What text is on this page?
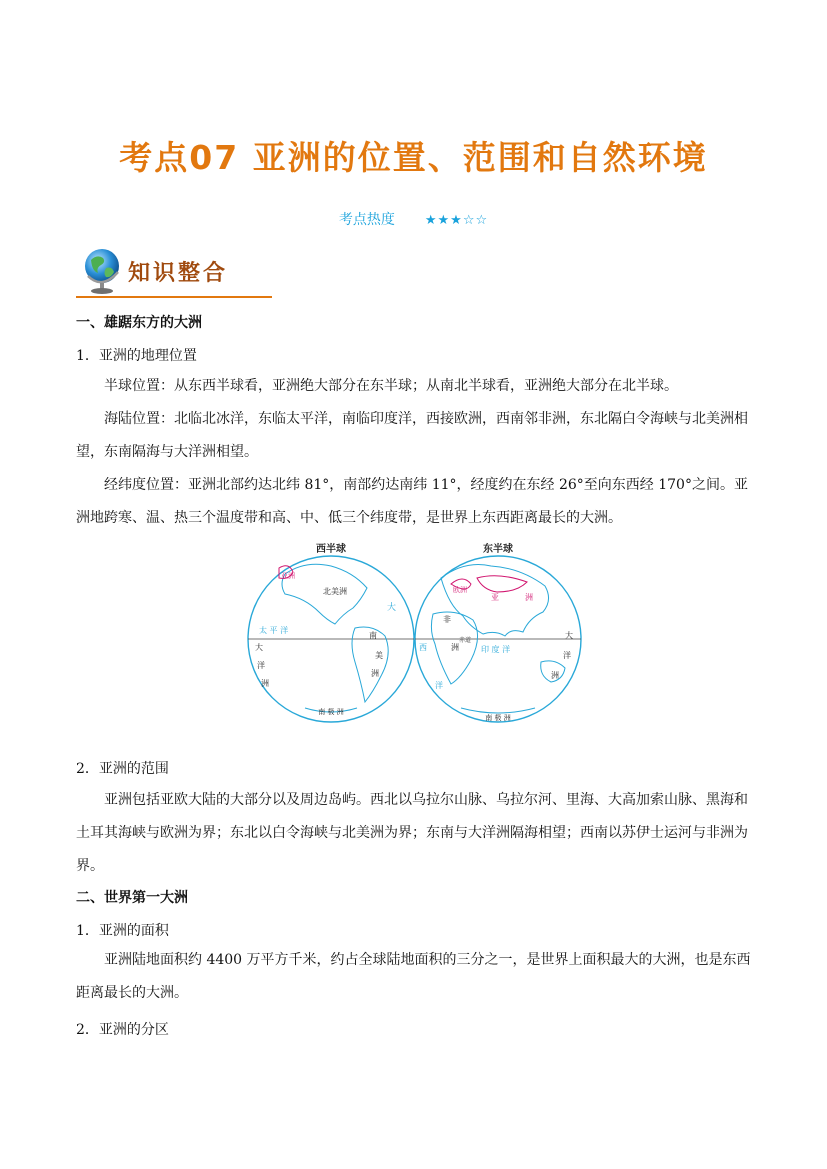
考点07 亚洲的位置、范围和自然环境
考点热度 ★★★☆☆
知识整合
一、雄踞东方的大洲
1．亚洲的地理位置

半球位置：从东西半球看，亚洲绝大部分在东半球；从南北半球看，亚洲绝大部分在北半球。

海陆位置：北临北冰洋，东临太平洋，南临印度洋，西接欧洲，西南邻非洲，东北隔白令海峡与北美洲相望，东南隔海与大洋洲相望。

经纬度位置：亚洲北部约达北纬 81°，南部约达南纬 11°，经度约在东经 26°至向东西经 170°之间。亚洲地跨寒、温、热三个温度带和高、中、低三个纬度带，是世界上东西距离最长的大洲。

西半球
亚洲
北美洲
太 平 洋
大
南
美
洲
大
洋
洲
南 极 洲
东半球
欧洲
亚	洲
非
洲
赤道
印 度 洋
西
洋
大
洋
洲
南 极 洲
2．亚洲的范围

亚洲包括亚欧大陆的大部分以及周边岛屿。西北以乌拉尔山脉、乌拉尔河、里海、大高加索山脉、黑海和土耳其海峡与欧洲为界；东北以白令海峡与北美洲为界；东南与大洋洲隔海相望；西南以苏伊士运河与非洲为界。

二、世界第一大洲
1．亚洲的面积

亚洲陆地面积约 4400 万平方千米，约占全球陆地面积的三分之一，是世界上面积最大的大洲，也是东西距离最长的大洲。

2．亚洲的分区
